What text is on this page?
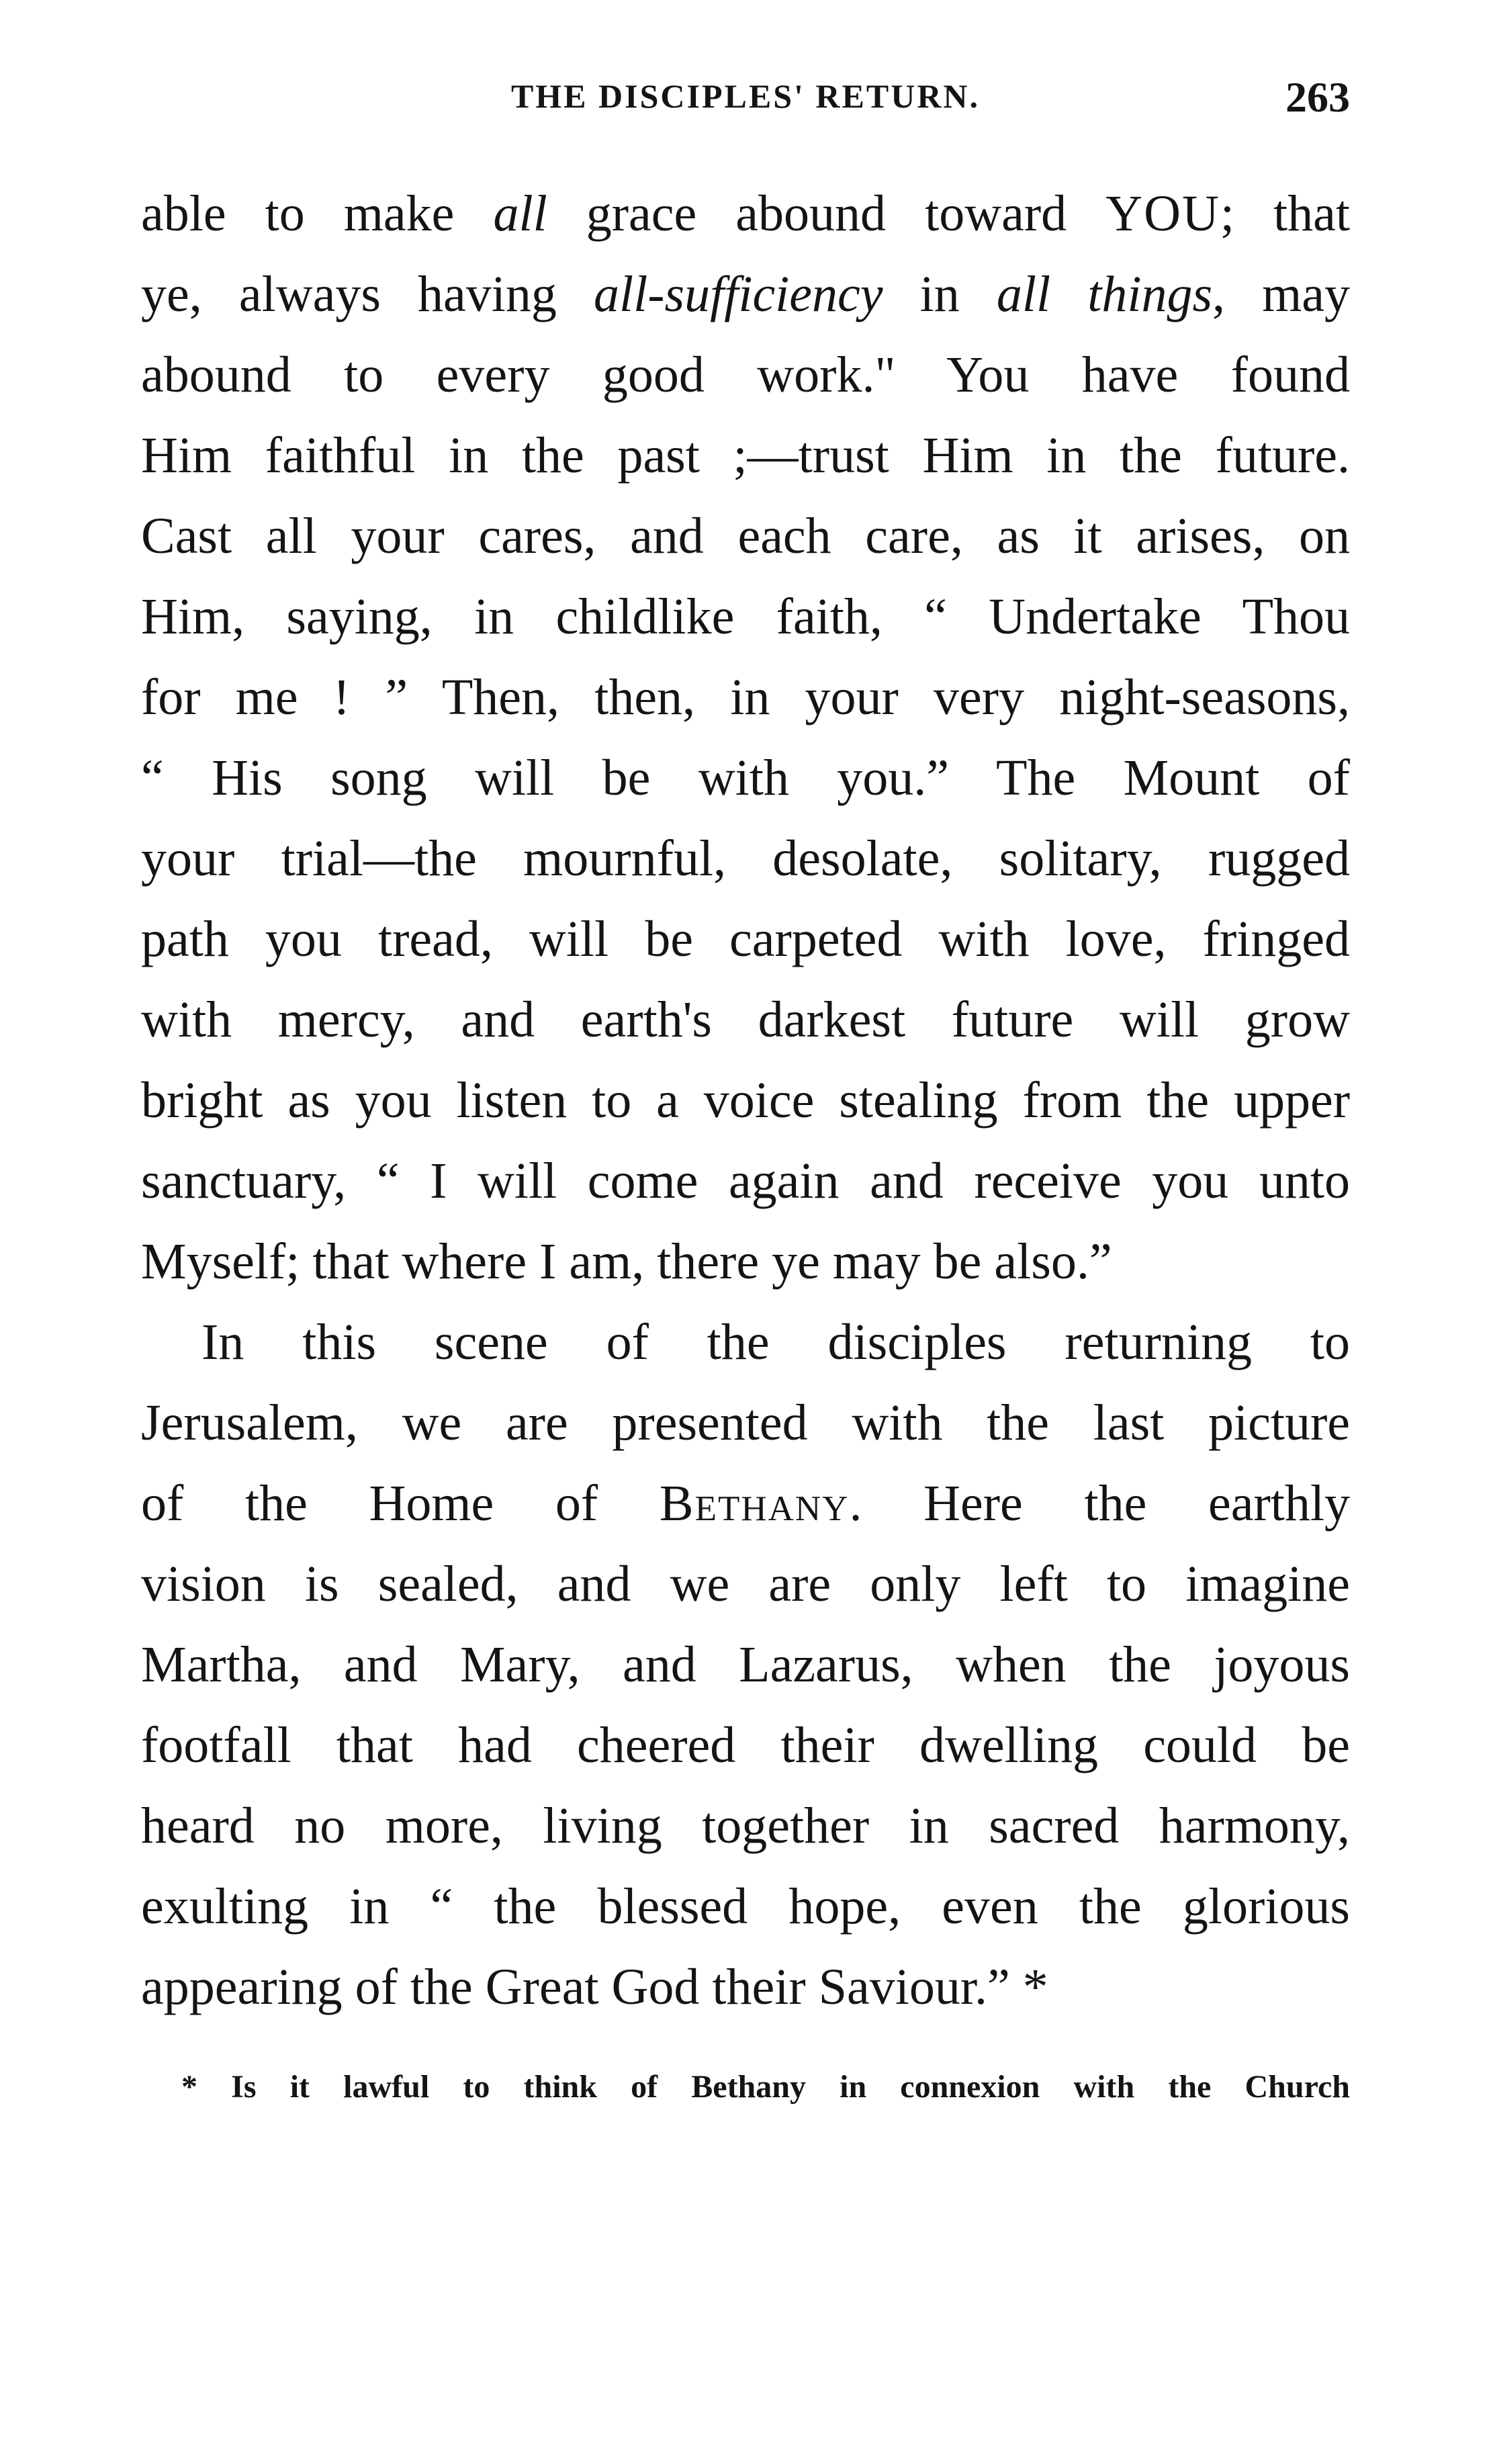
THE DISCIPLES' RETURN.	263
able to make all grace abound toward YOU; that
ye, always having all-sufficiency in all things, may
abound to every good work." You have found
Him faithful in the past ;—trust Him in the future.
Cast all your cares, and each care, as it arises, on
Him, saying, in childlike faith, “ Undertake Thou
for me ! ” Then, then, in your very night-seasons,
“ His song will be with you.” The Mount of
your trial—the mournful, desolate, solitary, rugged
path you tread, will be carpeted with love, fringed
with mercy, and earth's darkest future will grow
bright as you listen to a voice stealing from the upper
sanctuary, “ I will come again and receive you unto
Myself; that where I am, there ye may be also.”
In this scene of the disciples returning to
Jerusalem, we are presented with the last picture
of the Home of Bethany. Here the earthly
vision is sealed, and we are only left to imagine
Martha, and Mary, and Lazarus, when the joyous
footfall that had cheered their dwelling could be
heard no more, living together in sacred harmony,
exulting in “ the blessed hope, even the glorious
appearing of the Great God their Saviour.” *
* Is it lawful to think of Bethany in connexion with the Church
